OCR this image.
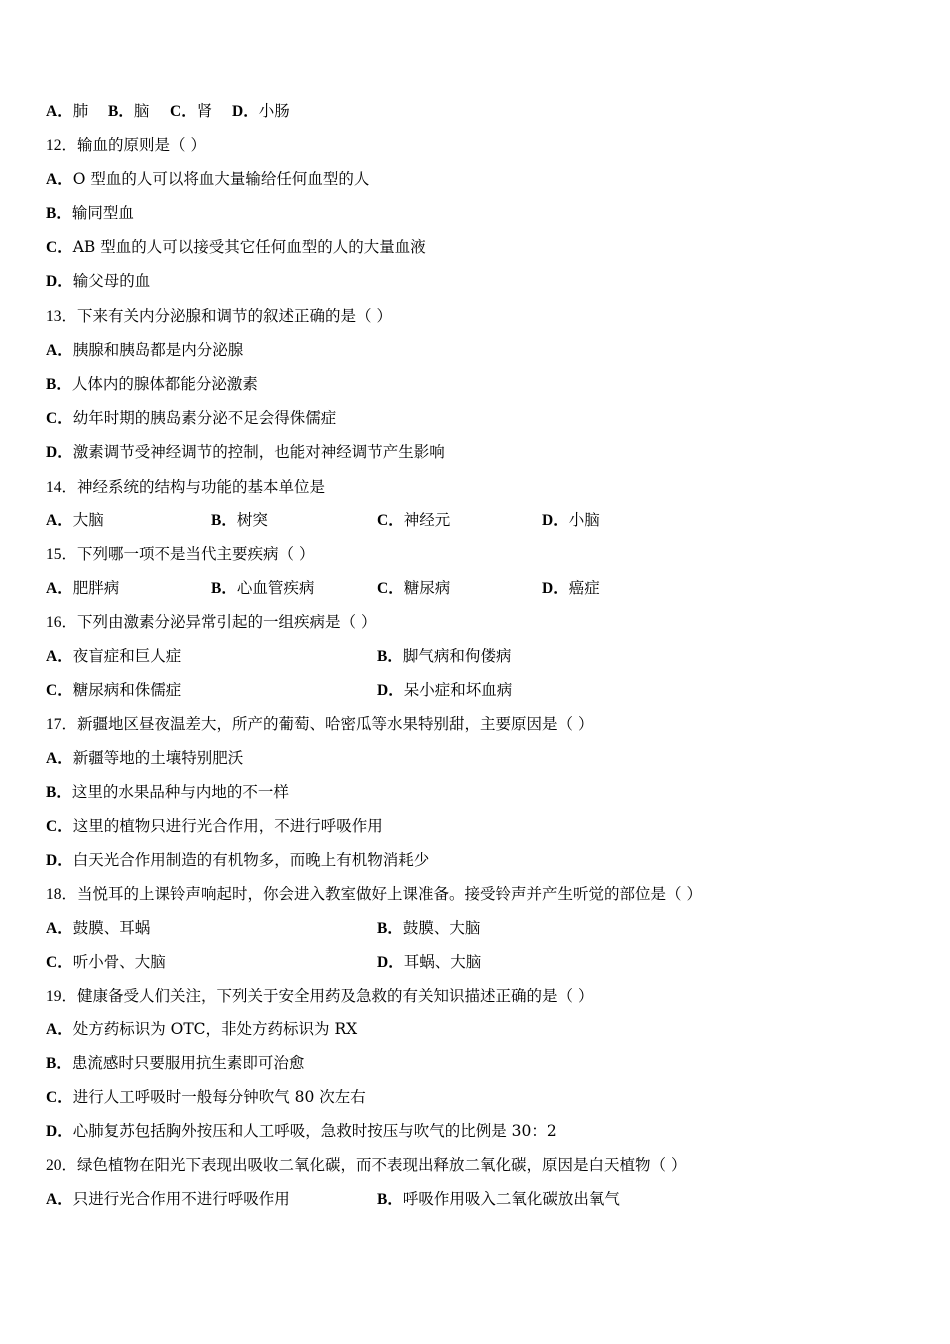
A．肺 B．脑 C．肾 D．小肠
12．输血的原则是（ ）
A．O 型血的人可以将血大量输给任何血型的人
B．输同型血
C．AB 型血的人可以接受其它任何血型的人的大量血液
D．输父母的血
13．下来有关内分泌腺和调节的叙述正确的是（ ）
A．胰腺和胰岛都是内分泌腺
B．人体内的腺体都能分泌激素
C．幼年时期的胰岛素分泌不足会得侏儒症
D．激素调节受神经调节的控制，也能对神经调节产生影响
14．神经系统的结构与功能的基本单位是
A．大脑	B．树突	C．神经元	D．小脑
15．下列哪一项不是当代主要疾病（ ）
A．肥胖病	B．心血管疾病	C．糖尿病	D．癌症
16．下列由激素分泌异常引起的一组疾病是（ ）
A．夜盲症和巨人症	B．脚气病和佝偻病
C．糖尿病和侏儒症	D．呆小症和坏血病
17．新疆地区昼夜温差大，所产的葡萄、哈密瓜等水果特别甜，主要原因是（ ）
A．新疆等地的土壤特别肥沃
B．这里的水果品种与内地的不一样
C．这里的植物只进行光合作用，不进行呼吸作用
D．白天光合作用制造的有机物多，而晚上有机物消耗少
18．当悦耳的上课铃声响起时，你会进入教室做好上课准备。接受铃声并产生听觉的部位是（ ）
A．鼓膜、耳蜗	B．鼓膜、大脑
C．听小骨、大脑	D．耳蜗、大脑
19．健康备受人们关注，下列关于安全用药及急救的有关知识描述正确的是（ ）
A．处方药标识为 OTC，非处方药标识为 RX
B．患流感时只要服用抗生素即可治愈
C．进行人工呼吸时一般每分钟吹气 80 次左右
D．心肺复苏包括胸外按压和人工呼吸，急救时按压与吹气的比例是 30：2
20．绿色植物在阳光下表现出吸收二氧化碳，而不表现出释放二氧化碳，原因是白天植物（ ）
A．只进行光合作用不进行呼吸作用	B．呼吸作用吸入二氧化碳放出氧气
